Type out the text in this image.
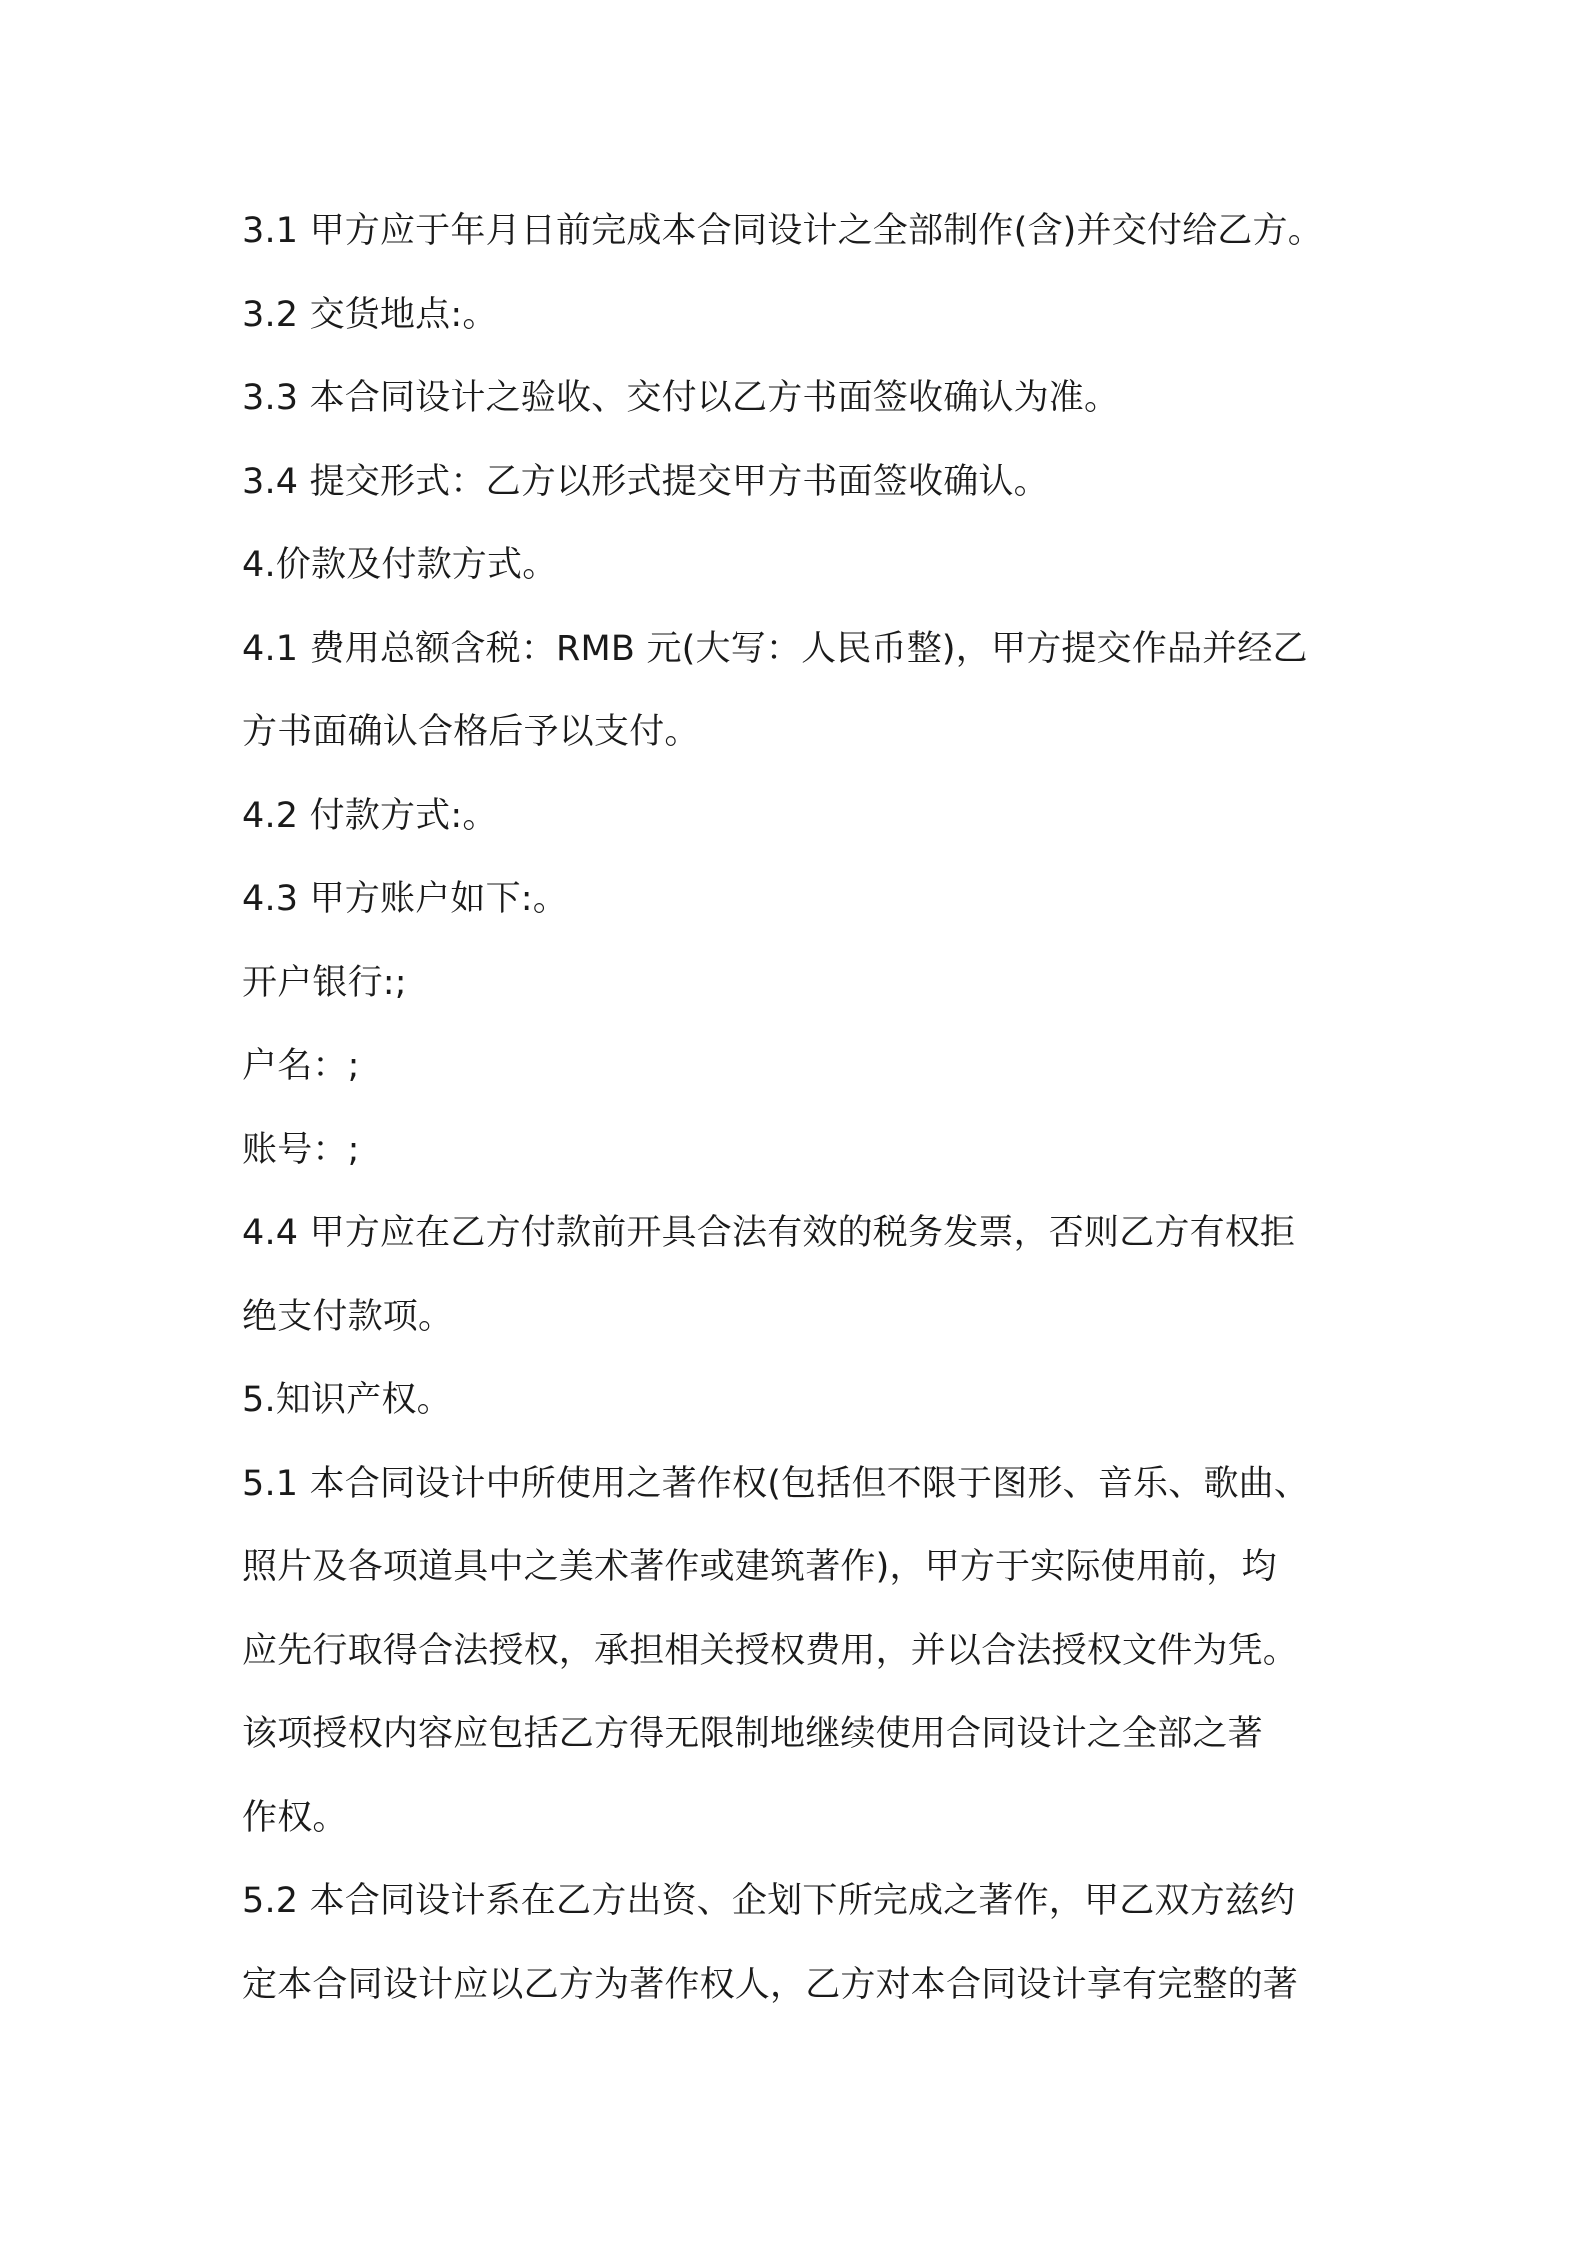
3.1 甲方应于年月日前完成本合同设计之全部制作(含)并交付给乙方。
3.2 交货地点:。
3.3 本合同设计之验收、交付以乙方书面签收确认为准。
3.4 提交形式：乙方以形式提交甲方书面签收确认。
4.价款及付款方式。
4.1 费用总额含税：RMB 元(大写：人民币整)，甲方提交作品并经乙
方书面确认合格后予以支付。
4.2 付款方式:。
4.3 甲方账户如下:。
开户银行:;
户名：;
账号：;
4.4 甲方应在乙方付款前开具合法有效的税务发票，否则乙方有权拒
绝支付款项。
5.知识产权。
5.1 本合同设计中所使用之著作权(包括但不限于图形、音乐、歌曲、
照片及各项道具中之美术著作或建筑著作)，甲方于实际使用前，均
应先行取得合法授权，承担相关授权费用，并以合法授权文件为凭。
该项授权内容应包括乙方得无限制地继续使用合同设计之全部之著
作权。
5.2 本合同设计系在乙方出资、企划下所完成之著作，甲乙双方兹约
定本合同设计应以乙方为著作权人，乙方对本合同设计享有完整的著
